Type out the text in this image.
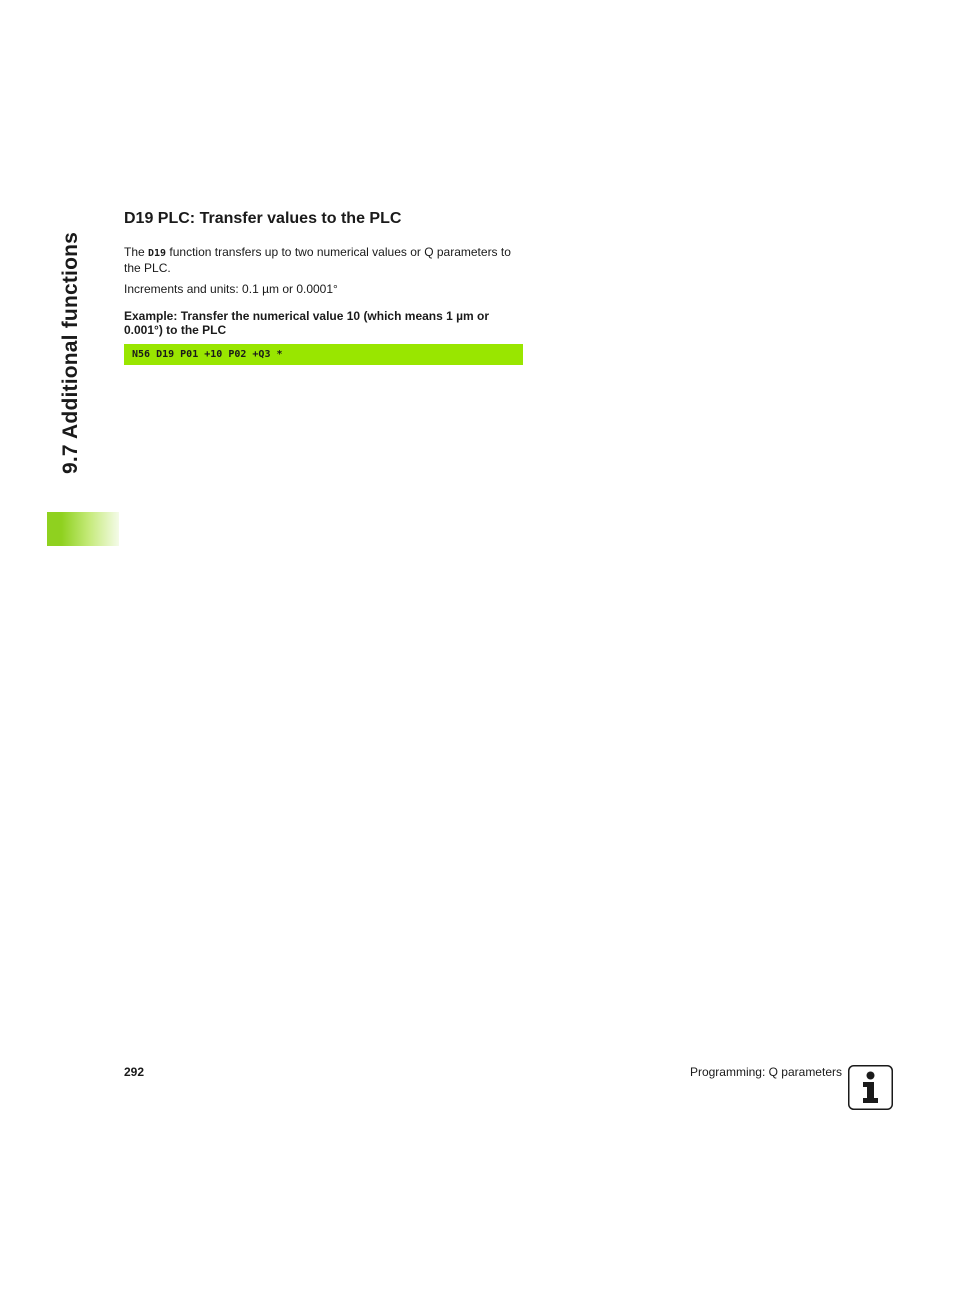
9.7 Additional functions
D19 PLC: Transfer values to the PLC

The D19 function transfers up to two numerical values or Q parameters to the PLC.

Increments and units: 0.1 µm or 0.0001°

Example: Transfer the numerical value 10 (which means 1 µm or 0.001°) to the PLC

N56 D19 P01 +10 P02 +Q3 *
292	Programming: Q parameters
